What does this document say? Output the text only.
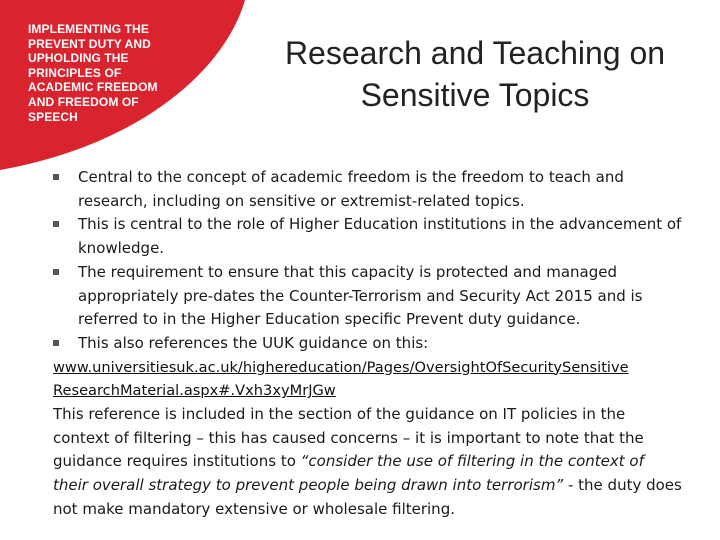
IMPLEMENTING THE
PREVENT DUTY AND
UPHOLDING THE
PRINCIPLES OF
ACADEMIC FREEDOM
AND FREEDOM OF
SPEECH
Research and Teaching on
Sensitive Topics
Central to the concept of academic freedom is the freedom to teach and research, including on sensitive or extremist-related topics.
This is central to the role of Higher Education institutions in the advancement of knowledge.
The requirement to ensure that this capacity is protected and managed appropriately pre-dates the Counter-Terrorism and Security Act 2015 and is referred to in the Higher Education specific Prevent duty guidance.
This also references the UUK guidance on this:
www.universitiesuk.ac.uk/highereducation/Pages/OversightOfSecuritySensitive
ResearchMaterial.aspx#.Vxh3xyMrJGw
This reference is included in the section of the guidance on IT policies in the context of filtering – this has caused concerns – it is important to note that the guidance requires institutions to “consider the use of filtering in the context of their overall strategy to prevent people being drawn into terrorism” - the duty does not make mandatory extensive or wholesale filtering.
